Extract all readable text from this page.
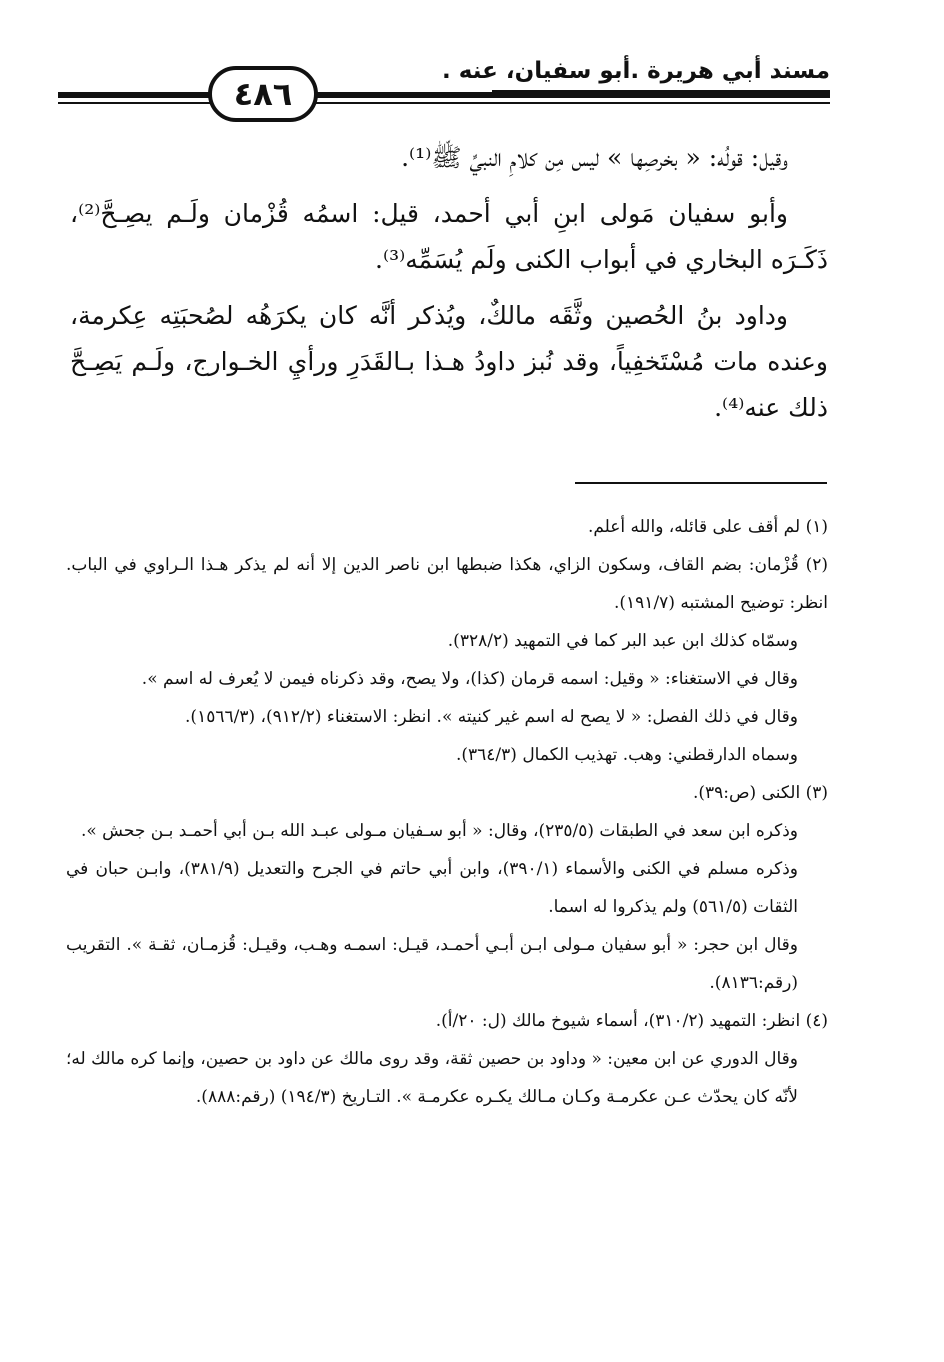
مسند أبي هريرة .أبو سفيان، عنه .
٤٨٦

وقيل: قولُه: « بخرصِها » ليس مِن كلامِ النبيِّ ﷺ⁽¹⁾.

وأبو سفيان مَولى ابنِ أبي أحمد، قيل: اسمُه قُزْمان ولَـم يصِـحَّ⁽²⁾، ذَكَـرَه البخاري في أبواب الكنى ولَم يُسَمِّه⁽³⁾.

وداود بنُ الحُصين وثَّقَه مالكٌ، ويُذكر أنَّه كان يكرَهُه لصُحبَتِه عِكرمة، وعنده مات مُسْتَخفِياً، وقد نُبز داودُ هـذا بـالقَدَرِ ورأيِ الخـوارج، ولَـم يَصِـحَّ ذلك عنه⁽⁴⁾.

(١) لم أقف على قائله، والله أعلم.
(٢) قُزْمان: بضم القاف، وسكون الزاي، هكذا ضبطها ابن ناصر الدين إلا أنه لم يذكر هـذا الـراوي في الباب. انظر: توضيح المشتبه (١٩١/٧).
وسمّاه كذلك ابن عبد البر كما في التمهيد (٣٢٨/٢).
وقال في الاستغناء: « وقيل: اسمه قرمان (كذا)، ولا يصح، وقد ذكرناه فيمن لا يُعرف له اسم ».
وقال في ذلك الفصل: « لا يصح له اسم غير كنيته ». انظر: الاستغناء (٩١٢/٢)، (١٥٦٦/٣).
وسماه الدارقطني: وهب. تهذيب الكمال (٣٦٤/٣).
(٣) الكنى (ص:٣٩).
وذكره ابن سعد في الطبقات (٢٣٥/٥)، وقال: « أبو سـفيان مـولى عبـد الله بـن أبي أحمـد بـن جحش ».
وذكره مسلم في الكنى والأسماء (٣٩٠/١)، وابن أبي حاتم في الجرح والتعديل (٣٨١/٩)، وابـن حبان في الثقات (٥٦١/٥) ولم يذكروا له اسما.
وقال ابن حجر: « أبو سفيان مـولى ابـن أبـي أحمـد، قيـل: اسمـه وهـب، وقيـل: قُزمـان، ثقـة ». التقريب (رقم:٨١٣٦).
(٤) انظر: التمهيد (٣١٠/٢)، أسماء شيوخ مالك (ل: ٢٠/أ).
وقال الدوري عن ابن معين: « وداود بن حصين ثقة، وقد روى مالك عن داود بن حصين، وإنما كره مالك له؛ لأنّه كان يحدّث عـن عكرمـة وكـان مـالك يكـره عكرمـة ». التـاريخ (١٩٤/٣) (رقم:٨٨٨).
